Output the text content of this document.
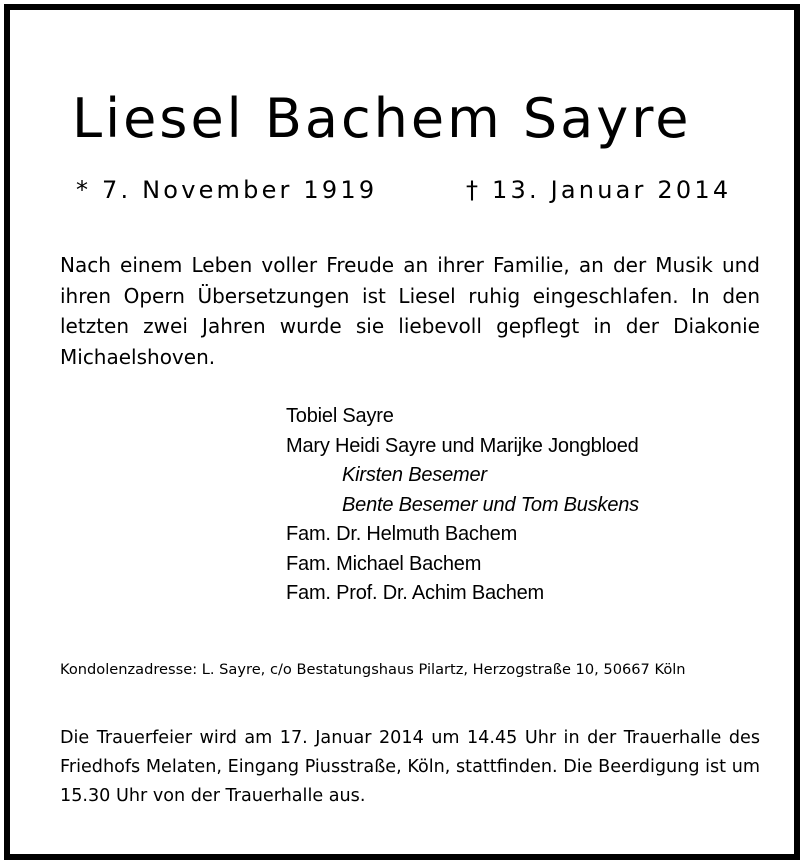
Liesel Bachem Sayre
* 7. November 1919	† 13. Januar 2014
Nach einem Leben voller Freude an ihrer Familie, an der Musik und ihren Opern Übersetzungen ist Liesel ruhig eingeschlafen. In den letzten zwei Jahren wurde sie liebevoll gepflegt in der Diakonie Michaelshoven.
Tobiel Sayre
Mary Heidi Sayre und Marijke Jongbloed
Kirsten Besemer
Bente Besemer und Tom Buskens
Fam. Dr. Helmuth Bachem
Fam. Michael Bachem
Fam. Prof. Dr. Achim Bachem
Kondolenzadresse: L. Sayre, c/o Bestatungshaus Pilartz, Herzogstraße 10, 50667 Köln
Die Trauerfeier wird am 17. Januar 2014 um 14.45 Uhr in der Trauerhalle des Friedhofs Melaten, Eingang Piusstraße, Köln, stattfinden. Die Beerdigung ist um 15.30 Uhr von der Trauerhalle aus.
